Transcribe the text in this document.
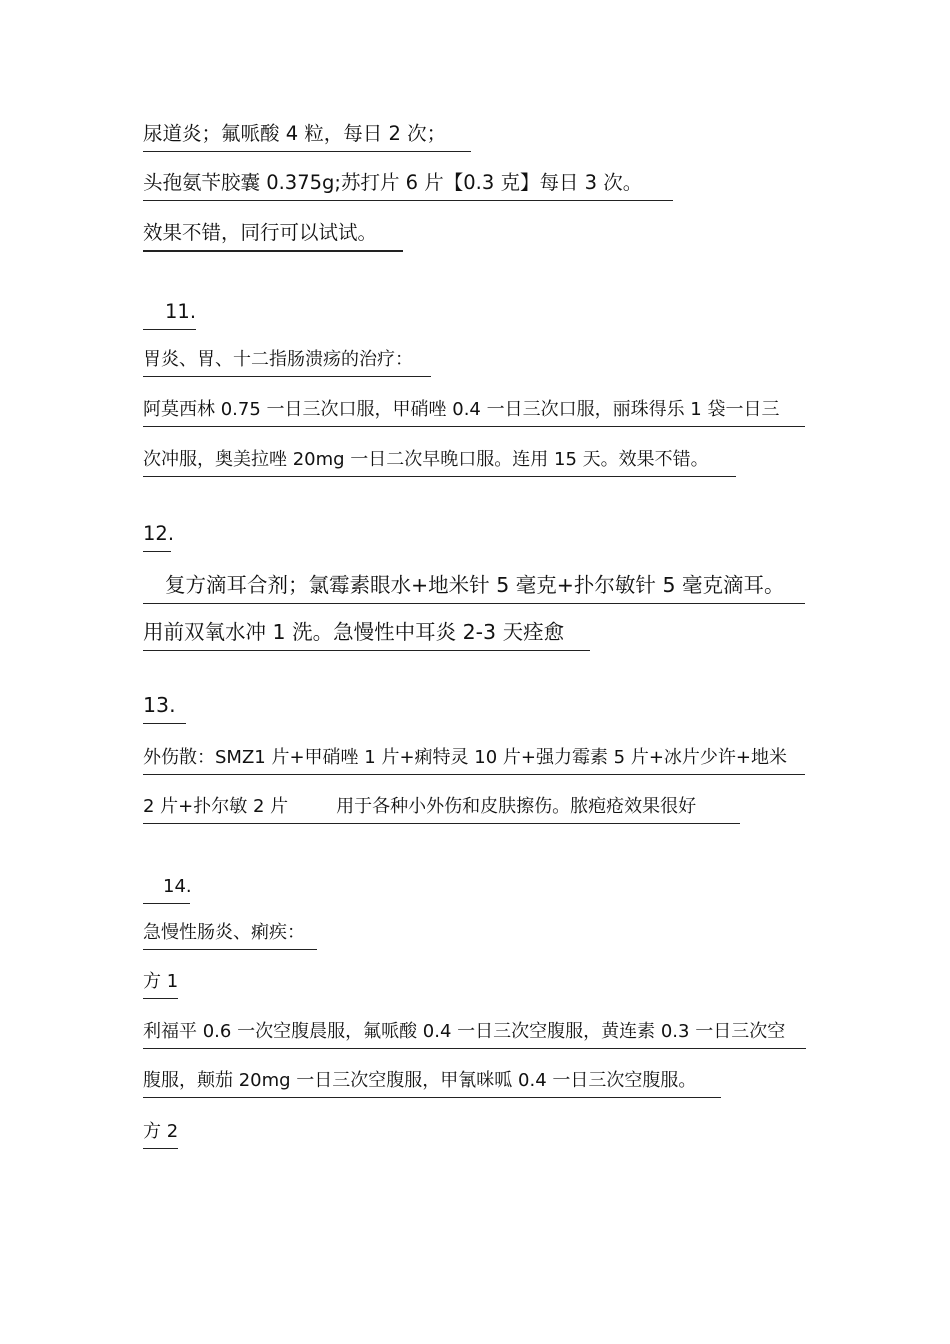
尿道炎；氟哌酸 4 粒，每日 2 次；
头孢氨苄胶囊 0.375g;苏打片 6 片【0.3 克】每日 3 次。
效果不错，同行可以试试。
11.
胃炎、胃、十二指肠溃疡的治疗：
阿莫西林 0.75 一日三次口服，甲硝唑 0.4 一日三次口服，丽珠得乐 1 袋一日三
次冲服，奥美拉唑 20mg 一日二次早晚口服。连用 15 天。效果不错。
12.
复方滴耳合剂；氯霉素眼水+地米针 5 毫克+扑尔敏针 5 毫克滴耳。
用前双氧水冲 1 洗。急慢性中耳炎 2-3 天痊愈
13.
外伤散：SMZ1 片+甲硝唑 1 片+痢特灵 10 片+强力霉素 5 片+冰片少许+地米
2 片+扑尔敏 2 片	用于各种小外伤和皮肤擦伤。脓疱疮效果很好
14.
急慢性肠炎、痢疾：
方 1
利福平 0.6 一次空腹晨服，氟哌酸 0.4 一日三次空腹服，黄连素 0.3 一日三次空
腹服，颠茄 20mg 一日三次空腹服，甲氰咪呱 0.4 一日三次空腹服。
方 2
